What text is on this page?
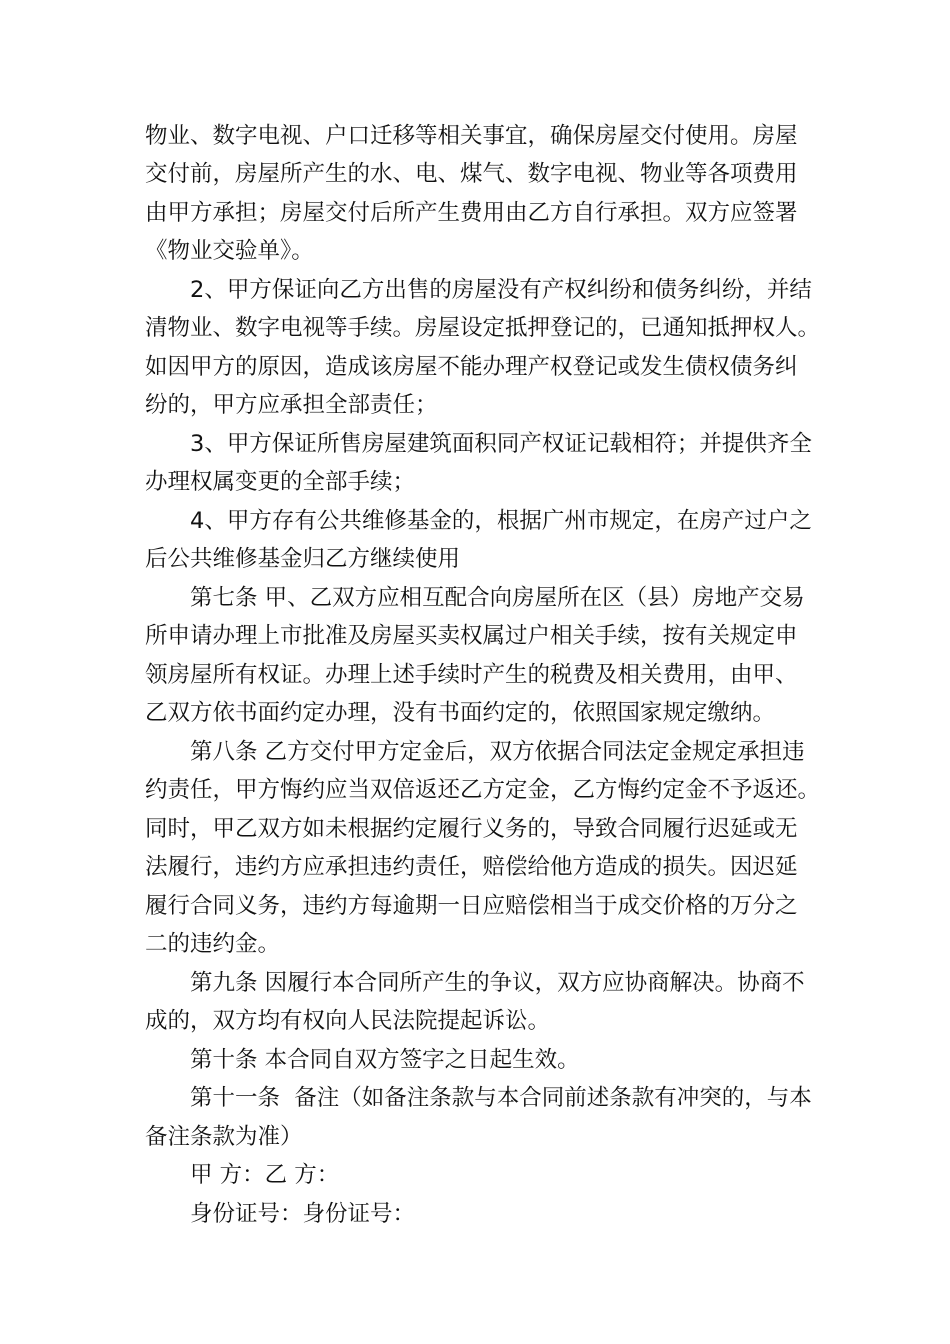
物业、数字电视、户口迁移等相关事宜，确保房屋交付使用。房屋
交付前，房屋所产生的水、电、煤气、数字电视、物业等各项费用
由甲方承担；房屋交付后所产生费用由乙方自行承担。双方应签署
《物业交验单》。
2、甲方保证向乙方出售的房屋没有产权纠纷和债务纠纷，并结
清物业、数字电视等手续。房屋设定抵押登记的，已通知抵押权人。
如因甲方的原因，造成该房屋不能办理产权登记或发生债权债务纠
纷的，甲方应承担全部责任；
3、甲方保证所售房屋建筑面积同产权证记载相符；并提供齐全
办理权属变更的全部手续；
4、甲方存有公共维修基金的，根据广州市规定，在房产过户之
后公共维修基金归乙方继续使用
第七条 甲、乙双方应相互配合向房屋所在区（县）房地产交易
所申请办理上市批准及房屋买卖权属过户相关手续，按有关规定申
领房屋所有权证。办理上述手续时产生的税费及相关费用，由甲、
乙双方依书面约定办理，没有书面约定的，依照国家规定缴纳。
第八条 乙方交付甲方定金后，双方依据合同法定金规定承担违
约责任，甲方悔约应当双倍返还乙方定金，乙方悔约定金不予返还。
同时，甲乙双方如未根据约定履行义务的，导致合同履行迟延或无
法履行，违约方应承担违约责任，赔偿给他方造成的损失。因迟延
履行合同义务，违约方每逾期一日应赔偿相当于成交价格的万分之
二的违约金。
第九条 因履行本合同所产生的争议，双方应协商解决。协商不
成的，双方均有权向人民法院提起诉讼。
第十条 本合同自双方签字之日起生效。
第十一条  备注（如备注条款与本合同前述条款有冲突的，与本
备注条款为准）
甲 方：乙 方：
身份证号：身份证号：
